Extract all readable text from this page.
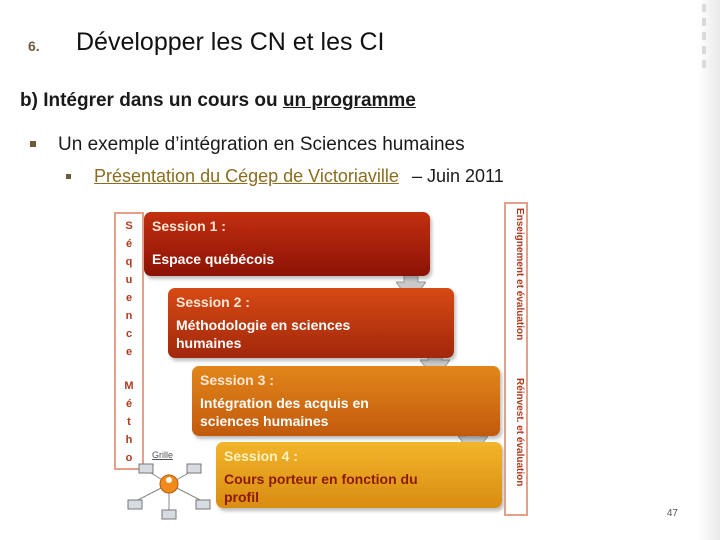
6. Développer les CN et les CI
b) Intégrer dans un cours ou un programme
Un exemple d’intégration en Sciences humaines
Présentation du Cégep de Victoriaville – Juin 2011
S
é
q
u
e
n
c
e
M
é
t
h
o	Grille
Session 1 :
Espace québécois
Session 2 :
Méthodologie en sciences
humaines
Session 3 :
Intégration des acquis en
sciences humaines
Session 4 :
Cours porteur en fonction du
profil
Enseignement et évaluation
Réinvest. et évaluation
47
